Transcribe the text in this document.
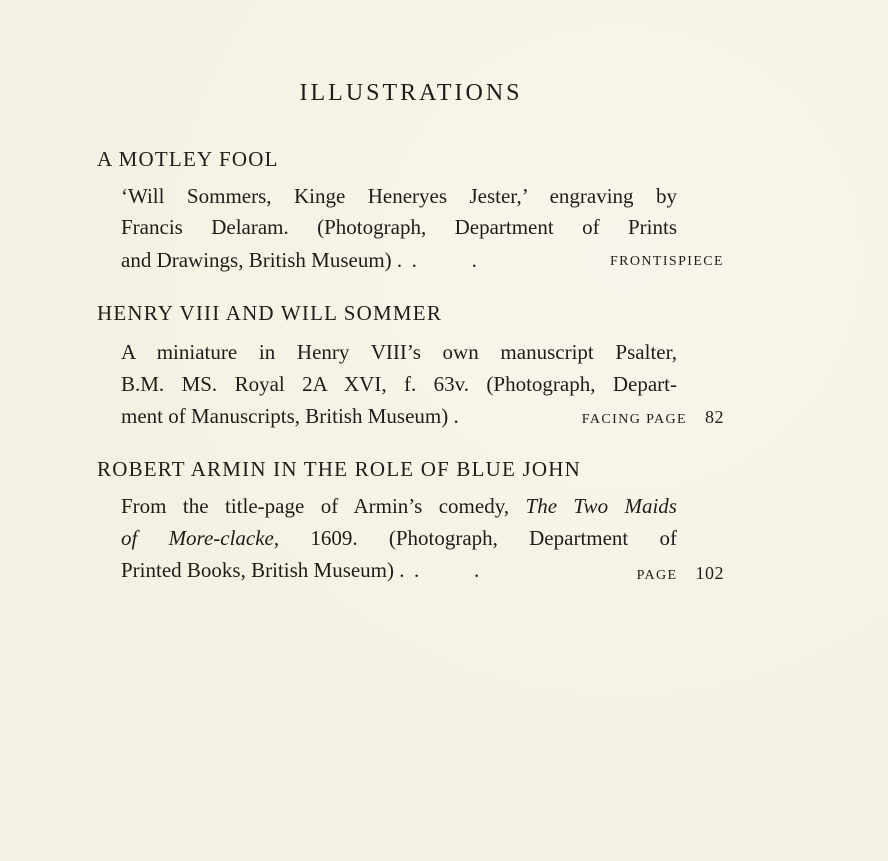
ILLUSTRATIONS
A MOTLEY FOOL
‘Will Sommers, Kinge Heneryes Jester,’ engraving by
Francis Delaram. (Photograph, Department of Prints
and Drawings, British Museum) . .	.	FRONTISPIECE
HENRY VIII AND WILL SOMMER
A miniature in Henry VIII’s own manuscript Psalter,
B.M. MS. Royal 2A XVI, f. 63v. (Photograph, Depart-
ment of Manuscripts, British Museum) .	FACING PAGE 82
ROBERT ARMIN IN THE ROLE OF BLUE JOHN
From the title-page of Armin’s comedy, The Two Maids
of More-clacke, 1609. (Photograph, Department of
Printed Books, British Museum) . .	.	PAGE 102
